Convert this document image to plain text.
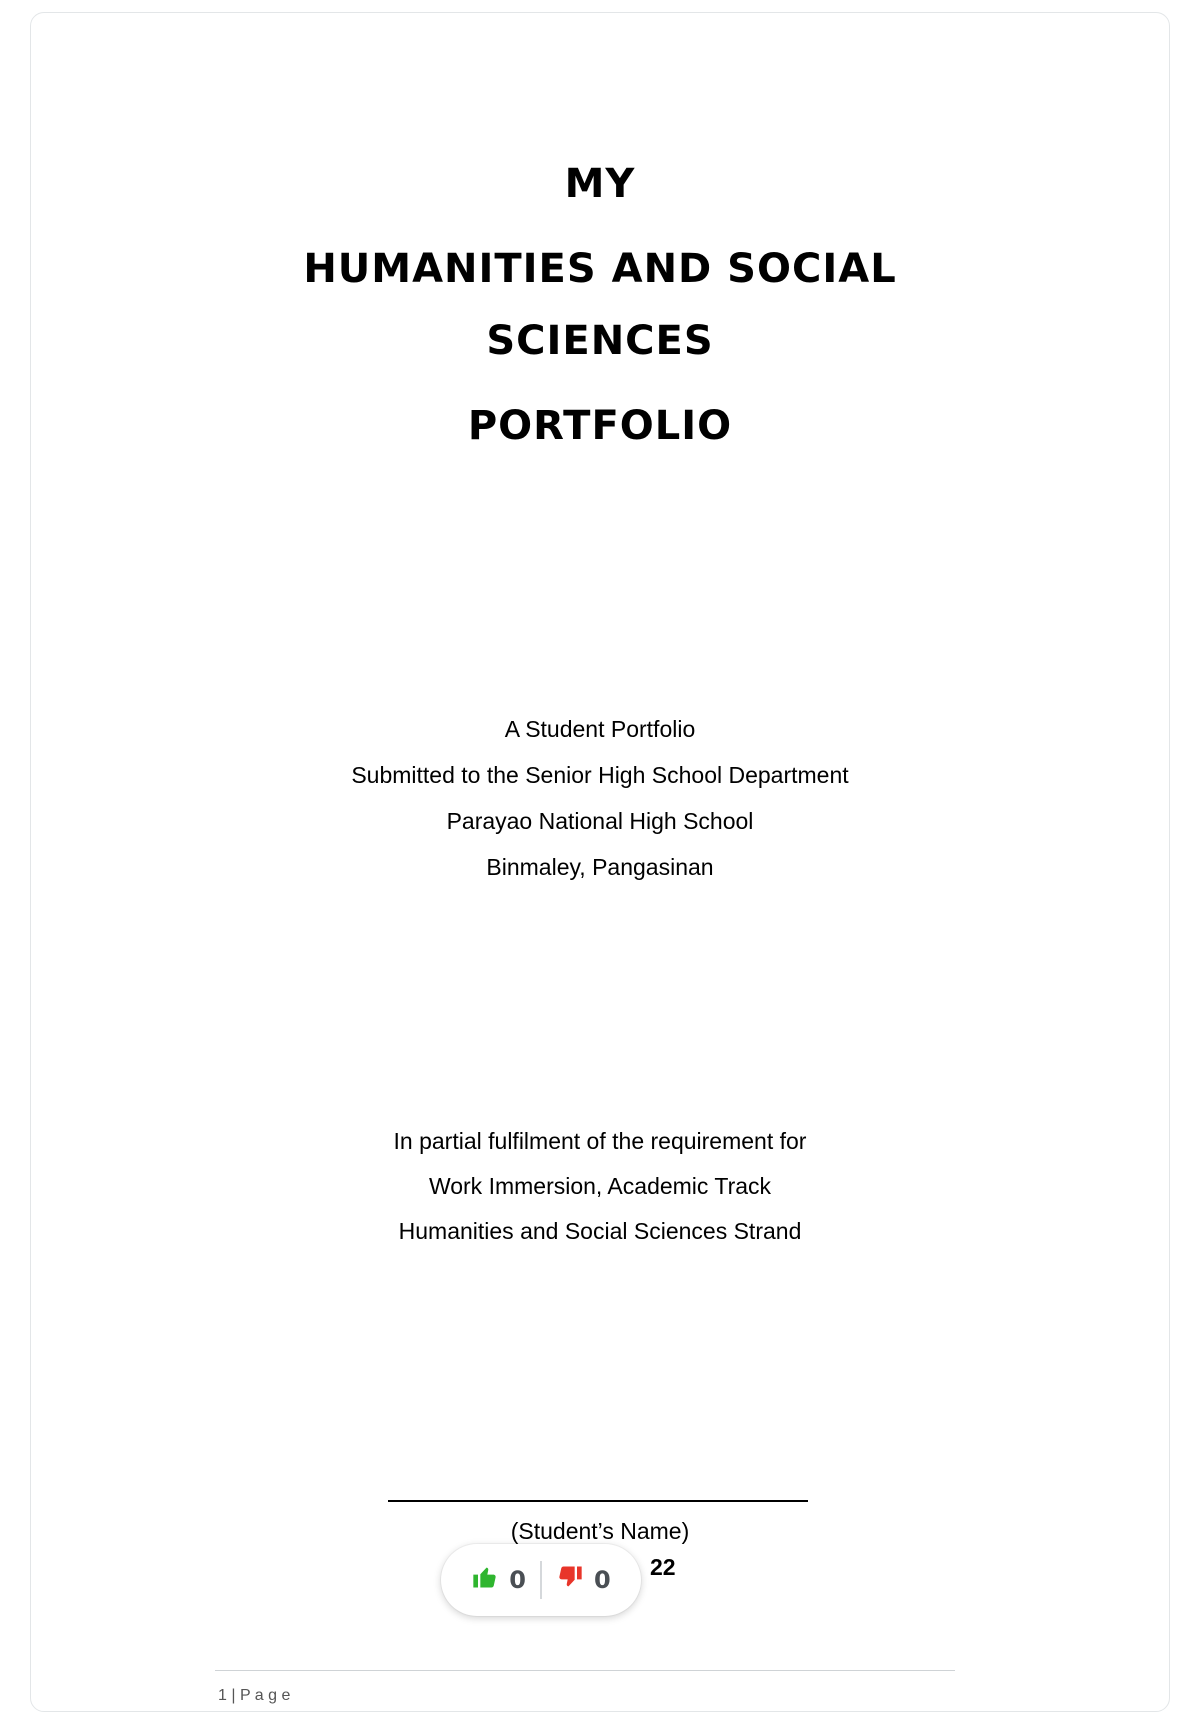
MY
HUMANITIES AND SOCIAL
SCIENCES
PORTFOLIO
A Student Portfolio
Submitted to the Senior High School Department
Parayao National High School
Binmaley, Pangasinan
In partial fulfilment of the requirement for
Work Immersion, Academic Track
Humanities and Social Sciences Strand
(Student’s Name)
22
0	0
1 | P a g e
